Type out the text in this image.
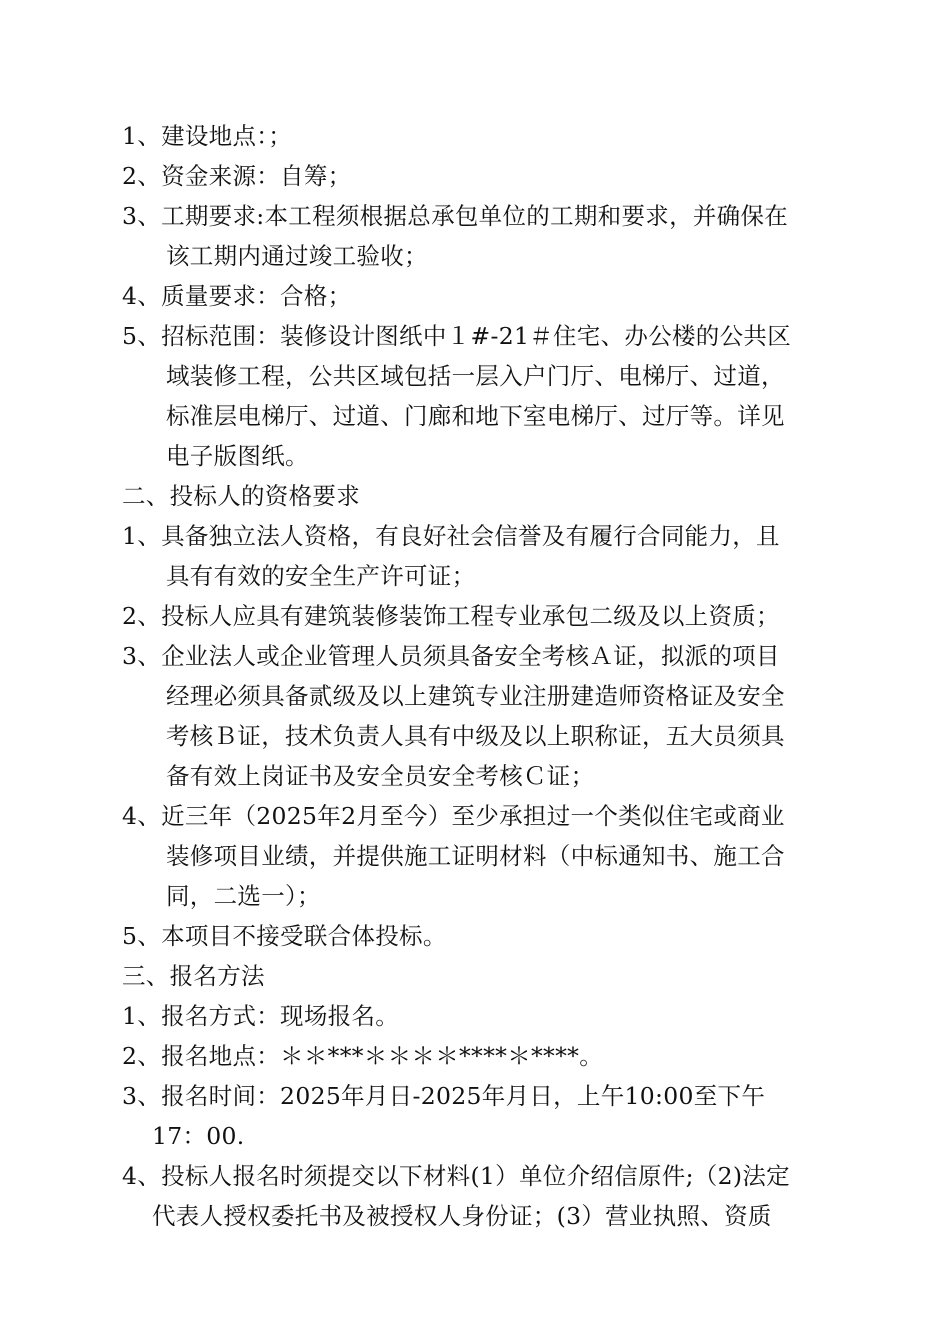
1、 建设地点：；
2、 资金来源：自筹；
3、 工期要求:本工程须根据总承包单位的工期和要求，并确保在
该工期内通过竣工验收；
4、 质量要求：合格；
5、 招标范围：装修设计图纸中１#-21＃住宅、办公楼的公共区
域装修工程，公共区域包括一层入户门厅、电梯厅、过道，
标准层电梯厅、过道、门廊和地下室电梯厅、过厅等。详见
电子版图纸。
二、 投标人的资格要求
1、 具备独立法人资格，有良好社会信誉及有履行合同能力，且
具有有效的安全生产许可证；
2、 投标人应具有建筑装修装饰工程专业承包二级及以上资质；
3、 企业法人或企业管理人员须具备安全考核Ａ证，拟派的项目
经理必须具备贰级及以上建筑专业注册建造师资格证及安全
考核Ｂ证，技术负责人具有中级及以上职称证，五大员须具
备有效上岗证书及安全员安全考核Ｃ证；
4、 近三年（2025年2月至今）至少承担过一个类似住宅或商业
装修项目业绩，并提供施工证明材料（中标通知书、施工合
同，二选一）；
5、 本项目不接受联合体投标。
三、 报名方法
1、 报名方式：现场报名。
2、 报名地点：＊＊***＊＊＊＊****＊****。
3、 报名时间：2025年月日-2025年月日，上午10:00至下午
17：00.
4、 投标人报名时须提交以下材料(1）单位介绍信原件;（2)法定
代表人授权委托书及被授权人身份证；(3）营业执照、资质
